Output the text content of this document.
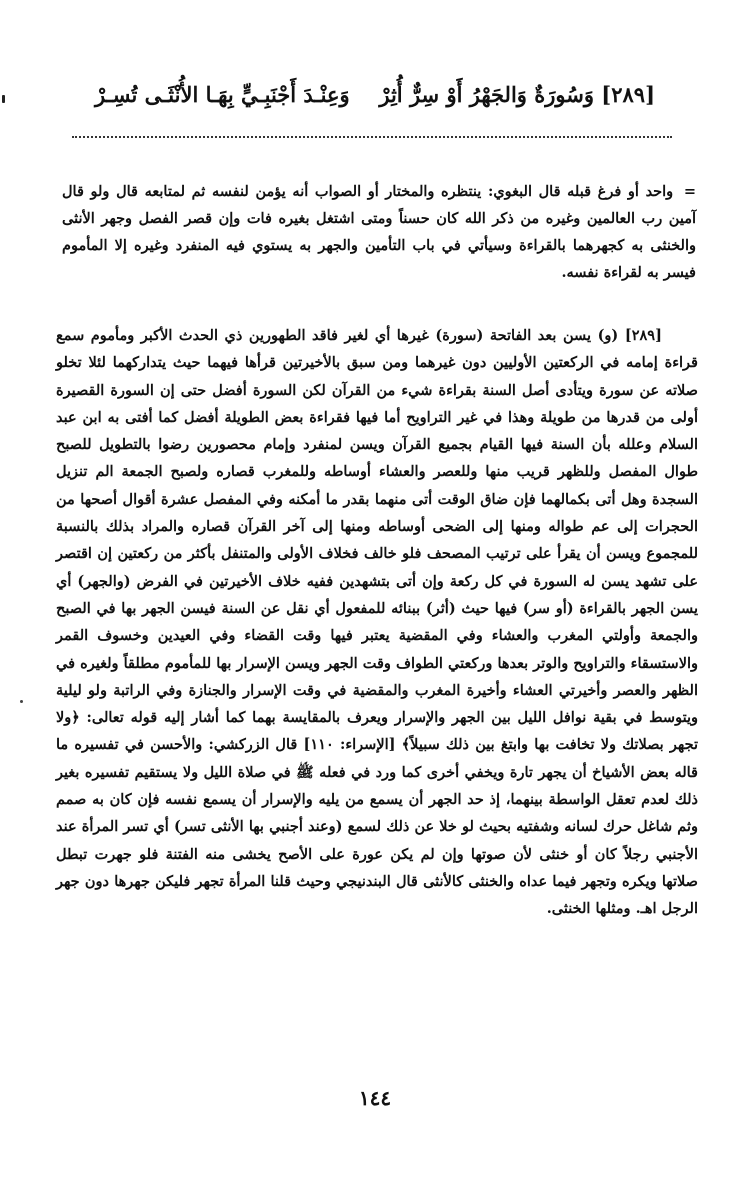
[٢٨٩] وَسُورَةٌ وَالجَهْرُ أَوْ سِرٌّ أُثِرْ
وَعِنْـدَ أَجْنَبِـيٍّ بِهَـا الأُنْثَـى تُسِـرْ
= واحد أو فرغ قبله قال البغوي: ينتظره والمختار أو الصواب أنه يؤمن لنفسه ثم لمتابعه قال ولو قال آمين رب العالمين وغيره من ذكر الله كان حسناً ومتى اشتغل بغيره فات وإن قصر الفصل وجهر الأنثى والخنثى به كجهرهما بالقراءة وسيأتي في باب التأمين والجهر به يستوي فيه المنفرد وغيره إلا المأموم فيسر به لقراءة نفسه.
[٢٨٩] (و) يسن بعد الفاتحة (سورة) غيرها أي لغير فاقد الطهورين ذي الحدث الأكبر ومأموم سمع قراءة إمامه في الركعتين الأوليين دون غيرهما ومن سبق بالأخيرتين قرأها فيهما حيث يتداركهما لئلا تخلو صلاته عن سورة ويتأدى أصل السنة بقراءة شيء من القرآن لكن السورة أفضل حتى إن السورة القصيرة أولى من قدرها من طويلة وهذا في غير التراويح أما فيها فقراءة بعض الطويلة أفضل كما أفتى به ابن عبد السلام وعلله بأن السنة فيها القيام بجميع القرآن ويسن لمنفرد وإمام محصورين رضوا بالتطويل للصبح طوال المفصل وللظهر قريب منها وللعصر والعشاء أوساطه وللمغرب قصاره ولصبح الجمعة الم تنزيل السجدة وهل أتى بكمالهما فإن ضاق الوقت أتى منهما بقدر ما أمكنه وفي المفصل عشرة أقوال أصحها من الحجرات إلى عم طواله ومنها إلى الضحى أوساطه ومنها إلى آخر القرآن قصاره والمراد بذلك بالنسبة للمجموع ويسن أن يقرأ على ترتيب المصحف فلو خالف فخلاف الأولى والمتنفل بأكثر من ركعتين إن اقتصر على تشهد يسن له السورة في كل ركعة وإن أتى بتشهدين ففيه خلاف الأخيرتين في الفرض (والجهر) أي يسن الجهر بالقراءة (أو سر) فيها حيث (أثر) ببنائه للمفعول أي نقل عن السنة فيسن الجهر بها في الصبح والجمعة وأولتي المغرب والعشاء وفي المقضية يعتبر فيها وقت القضاء وفي العيدين وخسوف القمر والاستسقاء والتراويح والوتر بعدها وركعتي الطواف وقت الجهر ويسن الإسرار بها للمأموم مطلقاً ولغيره في الظهر والعصر وأخيرتي العشاء وأخيرة المغرب والمقضية في وقت الإسرار والجنازة وفي الراتبة ولو ليلية ويتوسط في بقية نوافل الليل بين الجهر والإسرار ويعرف بالمقايسة بهما كما أشار إليه قوله تعالى: ﴿ولا تجهر بصلاتك ولا تخافت بها وابتغ بين ذلك سبيلاً﴾ [الإسراء: ١١٠] قال الزركشي: والأحسن في تفسيره ما قاله بعض الأشياخ أن يجهر تارة ويخفي أخرى كما ورد في فعله ﷺ في صلاة الليل ولا يستقيم تفسيره بغير ذلك لعدم تعقل الواسطة بينهما، إذ حد الجهر أن يسمع من يليه والإسرار أن يسمع نفسه فإن كان به صمم وثم شاغل حرك لسانه وشفتيه بحيث لو خلا عن ذلك لسمع (وعند أجنبي بها الأنثى تسر) أي تسر المرأة عند الأجنبي رجلاً كان أو خنثى لأن صوتها وإن لم يكن عورة على الأصح يخشى منه الفتنة فلو جهرت تبطل صلاتها ويكره وتجهر فيما عداه والخنثى كالأنثى قال البندنيجي وحيث قلنا المرأة تجهر فليكن جهرها دون جهر الرجل اهـ. ومثلها الخنثى.
١٤٤
